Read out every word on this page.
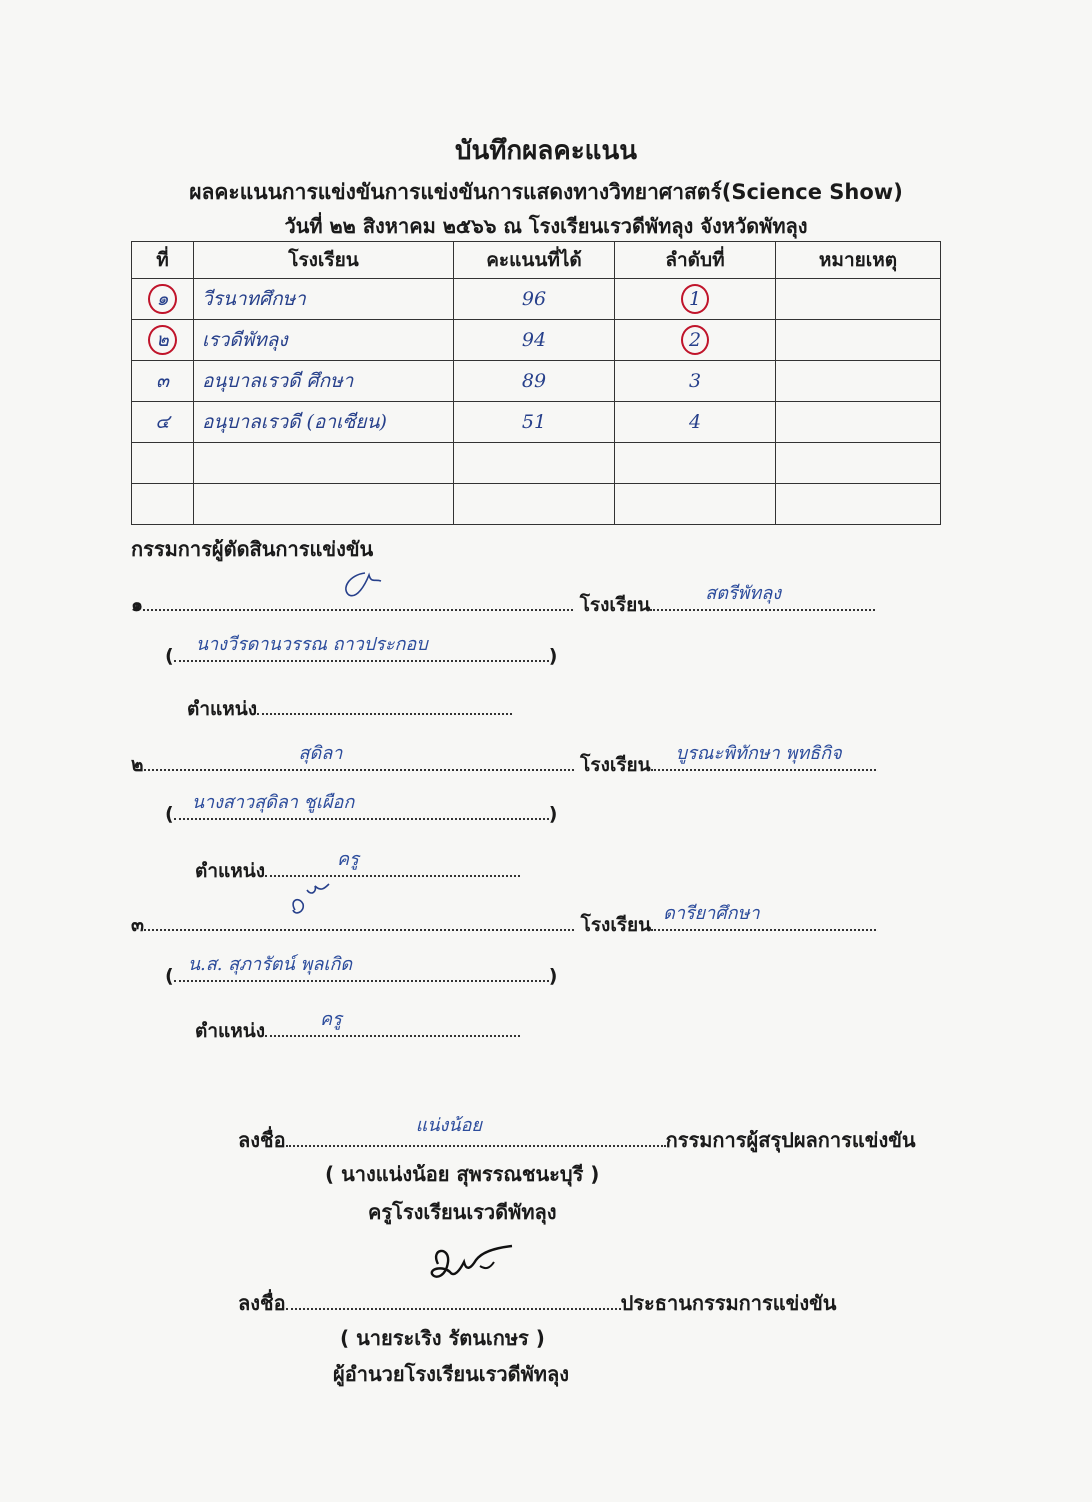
บันทึกผลคะแนน
ผลคะแนนการแข่งขันการแข่งขันการแสดงทางวิทยาศาสตร์(Science Show)
วันที่ ๒๒ สิงหาคม ๒๕๖๖ ณ โรงเรียนเรวดีพัทลุง จังหวัดพัทลุง
ที่	โรงเรียน	คะแนนที่ได้	ลำดับที่	หมายเหตุ
๑	วีรนาทศึกษา	96	1	
๒	เรวดีพัทลุง	94	2	
๓	อนุบาลเรวดี ศึกษา	89	3	
๔	อนุบาลเรวดี (อาเซียน)	51	4	

กรรมการผู้ตัดสินการแข่งขัน
๑	โรงเรียน
สตรีพัทลุง
(
นางวีรดานวรรณ ถาวประกอบ
)
ตำแหน่ง
๒
สุดิลา
โรงเรียน
บูรณะพิทักษา พุทธิกิจ
(
นางสาวสุดิลา ชูเผือก
)
ตำแหน่ง
ครู
๓	โรงเรียน
ดารียาศึกษา
(
น.ส. สุภารัตน์ พุลเกิด
)
ตำแหน่ง
ครู
ลงชื่อ
แน่งน้อย
กรรมการผู้สรุปผลการแข่งขัน
( นางแน่งน้อย สุพรรณชนะบุรี )
ครูโรงเรียนเรวดีพัทลุง
ลงชื่อ	ประธานกรรมการแข่งขัน
( นายระเริง รัตนเกษร )
ผู้อำนวยโรงเรียนเรวดีพัทลุง
